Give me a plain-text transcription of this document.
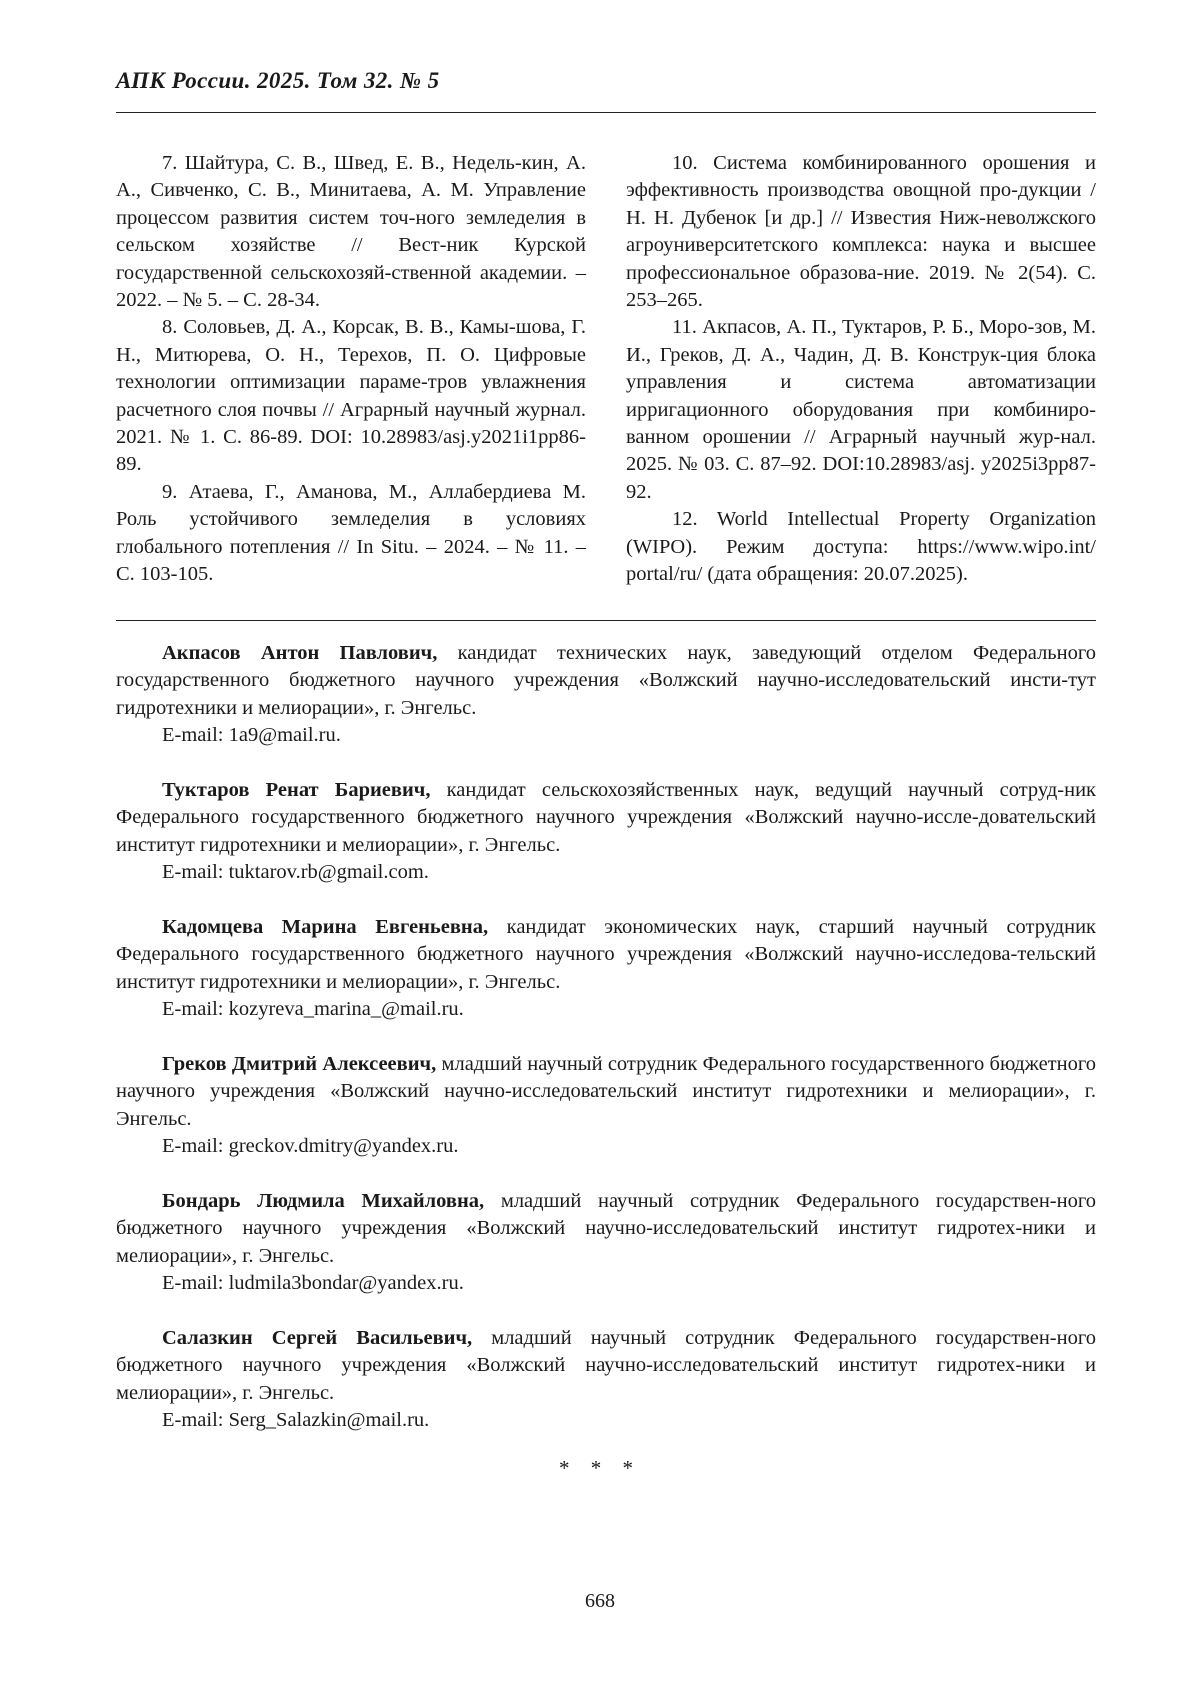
АПК России. 2025. Том 32. № 5

7. Шайтура, С. В., Швед, Е. В., Недель-кин, А. А., Сивченко, С. В., Минитаева, А. М. Управление процессом развития систем точ-ного земледелия в сельском хозяйстве // Вест-ник Курской государственной сельскохозяй-ственной академии. – 2022. – № 5. – С. 28-34.

8. Соловьев, Д. А., Корсак, В. В., Камы-шова, Г. Н., Митюрева, О. Н., Терехов, П. О. Цифровые технологии оптимизации параме-тров увлажнения расчетного слоя почвы // Аграрный научный журнал. 2021. № 1. С. 86-89. DOI: 10.28983/asj.y2021i1pp86-89.

9. Атаева, Г., Аманова, М., Аллабердиева М. Роль устойчивого земледелия в условиях глобального потепления // In Situ. – 2024. – № 11. – С. 103-105.

10. Система комбинированного орошения и эффективность производства овощной про-дукции / Н. Н. Дубенок [и др.] // Известия Ниж-неволжского агроуниверситетского комплекса: наука и высшее профессиональное образова-ние. 2019. № 2(54). С. 253–265.

11. Акпасов, А. П., Туктаров, Р. Б., Моро-зов, М. И., Греков, Д. А., Чадин, Д. В. Конструк-ция блока управления и система автоматизации ирригационного оборудования при комбиниро-ванном орошении // Аграрный научный жур-нал. 2025. № 03. С. 87–92. DOI:10.28983/asj. y2025i3pp87-92.

12. World Intellectual Property Organization (WIPO). Режим доступа: https://www.wipo.int/ portal/ru/ (дата обращения: 20.07.2025).

Акпасов Антон Павлович, кандидат технических наук, заведующий отделом Федерального государственного бюджетного научного учреждения «Волжский научно-исследовательский инсти-тут гидротехники и мелиорации», г. Энгельс.

E-mail: 1a9@mail.ru.

Туктаров Ренат Бариевич, кандидат сельскохозяйственных наук, ведущий научный сотруд-ник Федерального государственного бюджетного научного учреждения «Волжский научно-иссле-довательский институт гидротехники и мелиорации», г. Энгельс.

E-mail: tuktarov.rb@gmail.com.

Кадомцева Марина Евгеньевна, кандидат экономических наук, старший научный сотрудник Федерального государственного бюджетного научного учреждения «Волжский научно-исследова-тельский институт гидротехники и мелиорации», г. Энгельс.

E-mail: kozyreva_marina_@mail.ru.

Греков Дмитрий Алексеевич, младший научный сотрудник Федерального государственного бюджетного научного учреждения «Волжский научно-исследовательский институт гидротехники и мелиорации», г. Энгельс.

E-mail: greckov.dmitry@yandex.ru.

Бондарь Людмила Михайловна, младший научный сотрудник Федерального государствен-ного бюджетного научного учреждения «Волжский научно-исследовательский институт гидротех-ники и мелиорации», г. Энгельс.

E-mail: ludmila3bondar@yandex.ru.

Салазкин Сергей Васильевич, младший научный сотрудник Федерального государствен-ного бюджетного научного учреждения «Волжский научно-исследовательский институт гидротех-ники и мелиорации», г. Энгельс.

E-mail: Serg_Salazkin@mail.ru.

* * *
668
